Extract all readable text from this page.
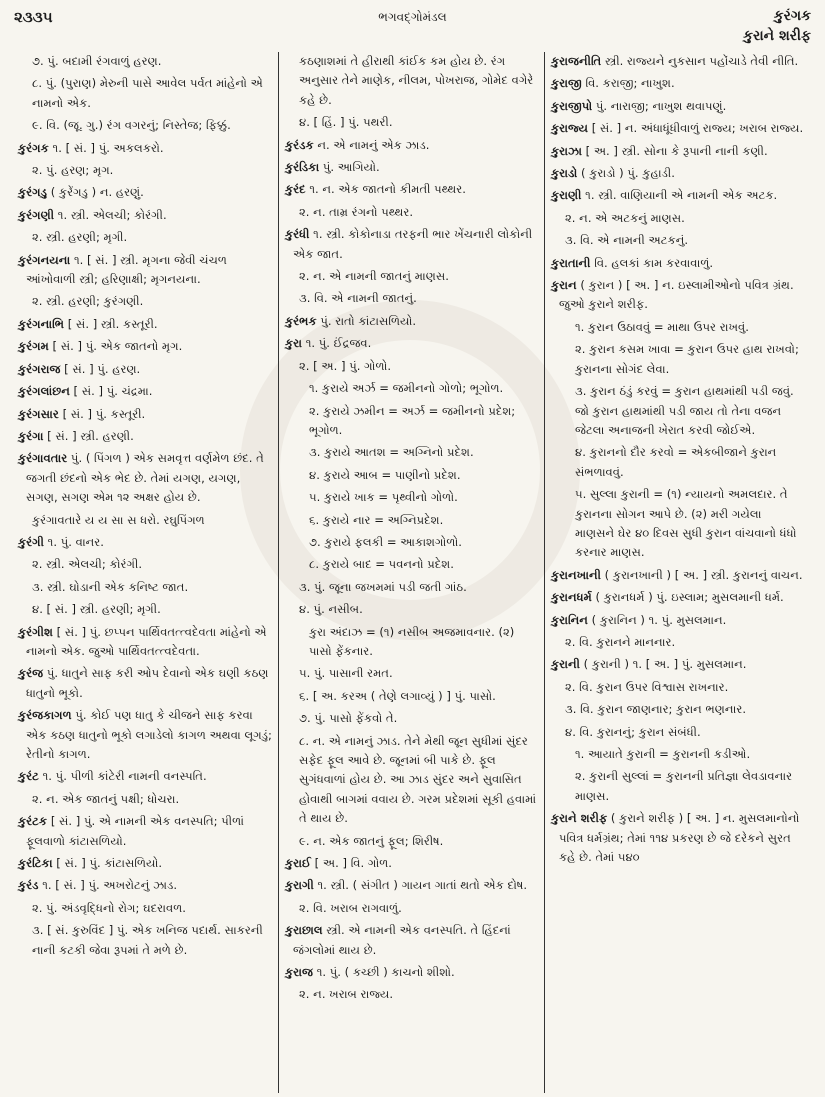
૨૩૩૫	ભગવદ્ગોમંડલ	કુરંગક
કુરાને શરીફ
૭. પું. બદામી રંગવાળું હરણ.
૮. પું. (પુરાણ) મેરુની પાસે આવેલ પર્વત માંહેનો એ નામનો એક.
૯. વિ. (જૂ. ગુ.) રંગ વગરનું; નિસ્તેજ; ફિક્કું.
કુરંગક ૧. [ સં. ] પું. અકલકરો.
૨. પું. હરણ; મૃગ.
કુરંગડુ ( કુરેંગડુ ) ન. હરણું.
કુરંગણી ૧. સ્ત્રી. એલચી; કોરંગી.
૨. સ્ત્રી. હરણી; મૃગી.
કુરંગનયના ૧. [ સં. ] સ્ત્રી. મૃગના જેવી ચંચળ આંખોવાળી સ્ત્રી; હરિણાક્ષી; મૃગનયના.
૨. સ્ત્રી. હરણી; કુરંગણી.
કુરંગનાભિ [ સં. ] સ્ત્રી. કસ્તૂરી.
કુરંગમ [ સં. ] પું. એક જાતનો મૃગ.
કુરંગરાજ [ સં. ] પું. હરણ.
કુરંગલાંછન [ સં. ] પું. ચંદ્રમા.
કુરંગસાર [ સં. ] પું. કસ્તૂરી.
કુરંગા [ સં. ] સ્ત્રી. હરણી.
કુરંગાવતાર પું. ( પિંગળ ) એક સમવૃત્ત વર્ણમેળ છંદ. તે જગતી છંદનો એક ભેદ છે. તેમાં યગણ, યગણ, સગણ, સગણ એમ ૧૨ અક્ષર હોય છે.
કુરંગાવતારે ય ય સા સ ધરો. રઘુપિંગળ
કુરંગી ૧. પું. વાનર.
૨. સ્ત્રી. એલચી; કોરંગી.
૩. સ્ત્રી. ઘોડાની એક કનિષ્ટ જાત.
૪. [ સં. ] સ્ત્રી. હરણી; મૃગી.
કુરંગીશ [ સં. ] પું. છપ્પન પાર્થિવતત્ત્વદેવતા માંહેનો એ નામનો એક. જુઓ પાર્થિવતત્ત્વદેવતા.
કુરંજ પું. ધાતુને સાફ કરી ઓપ દેવાનો એક ઘણી કઠણ ધાતુનો ભૂકો.
કુરંજકાગળ પું. કોઈ પણ ધાતુ કે ચીજને સાફ કરવા એક કઠણ ધાતુનો ભૂકો લગાડેલો કાગળ અથવા લૂગડું; રેતીનો કાગળ.
કુરંટ ૧. પું. પીળી કાંટેરી નામની વનસ્પતિ.
૨. ન. એક જાતનું પક્ષી; ધોચરા.
કુરંટક [ સં. ] પું. એ નામની એક વનસ્પતિ; પીળાં ફૂલવાળો કાંટાસળિયો.
કુરંટિકા [ સં. ] પું. કાંટાસળિયો.
કુરંડ ૧. [ સં. ] પું. અખરોટનું ઝાડ.
૨. પું. અંડવૃદ્ધિનો રોગ; ઘદરાવળ.
૩. [ સં. કુરુવિંદ ] પું. એક ખનિજ પદાર્થ. સાકરની નાની કટકી જેવા રૂપમાં તે મળે છે.
કઠણાશમાં તે હીરાથી કાંઈક કમ હોય છે. રંગ અનુસાર તેને માણેક, નીલમ, પોખરાજ, ગોમેદ વગેરે કહે છે.
૪. [ હિં. ] પું. પથરી.
કુરંડક ન. એ નામનું એક ઝાડ.
કુરંડિકા પું. આગિયો.
કુરંદ ૧. ન. એક જાતનો કીમતી પથ્થર.
૨. ન. તામ્ર રંગનો પથ્થર.
કુરંધી ૧. સ્ત્રી. કોકોનાડા તરફની ભાર ખેંચનારી લોકોની એક જાત.
૨. ન. એ નામની જાતનું માણસ.
૩. વિ. એ નામની જાતનું.
કુરંભક પું. રાતો કાંટાસળિયો.
કુરા ૧. પું. ઈંદ્રજવ.
૨. [ અ. ] પું. ગોળો.
૧. કુરાયે અર્ઝ = જમીનનો ગોળો; ભૂગોળ.
૨. કુરાયે ઝમીન = અર્ઝ = જમીનનો પ્રદેશ; ભૂગોળ.
૩. કુરાયે આતશ = અગ્નિનો પ્રદેશ.
૪. કુરાયે આબ = પાણીનો પ્રદેશ.
૫. કુરાયે ખાક = પૃથ્વીનો ગોળો.
૬. કુરાયે નાર = અગ્નિપ્રદેશ.
૭. કુરાયે ફલકી = આકાશગોળો.
૮. કુરાયે બાદ = પવનનો પ્રદેશ.
૩. પું. જૂના જખમમાં પડી જતી ગાંઠ.
૪. પું. નસીબ.
કુરા અંદાઝ = (૧) નસીબ અજમાવનાર. (૨) પાસો ફેંકનાર.
૫. પું. પાસાની રમત.
૬. [ અ. કરઅ ( તેણે લગાવ્યું ) ] પું. પાસો.
૭. પું. પાસો ફેંકવો તે.
૮. ન. એ નામનું ઝાડ. તેને મેથી જૂન સુધીમાં સુંદર સફેદ ફૂલ આવે છે. જૂનમાં બી પાકે છે. ફૂલ સુગંધવાળાં હોય છે. આ ઝાડ સુંદર અને સુવાસિત હોવાથી બાગમાં વવાય છે. ગરમ પ્રદેશમાં સૂકી હવામાં તે થાય છે.
૯. ન. એક જાતનું ફૂલ; શિરીષ.
કુરાઈ [ અ. ] વિ. ગોળ.
કુરાગી ૧. સ્ત્રી. ( સંગીત ) ગાયન ગાતાં થતો એક દોષ.
૨. વિ. ખરાબ રાગવાળું.
કુરાછાલ સ્ત્રી. એ નામની એક વનસ્પતિ. તે હિંદનાં જંગલોમાં થાય છે.
કુરાજ ૧. પું. ( કચ્છી ) કાચનો શીશો.
૨. ન. ખરાબ રાજ્ય.
કુરાજનીતિ સ્ત્રી. રાજ્યને નુકસાન પહોંચાડે તેવી નીતિ.
કુરાજી વિ. કરાજી; નાખુશ.
કુરાજીપો પું. નારાજી; નાખુશ થવાપણું.
કુરાજ્ય [ સં. ] ન. અંધાધૂંધીવાળું રાજ્ય; ખરાબ રાજ્ય.
કુરાઝા [ અ. ] સ્ત્રી. સોના કે રૂપાની નાની કણી.
કુરાડો ( કુરાડો ) પું. કુહાડી.
કુરાણી ૧. સ્ત્રી. વાણિયાની એ નામની એક અટક.
૨. ન. એ અટકનું માણસ.
૩. વિ. એ નામની અટકનું.
કુરાતાની વિ. હલકાં કામ કરવાવાળું.
કુરાન ( કુરાન ) [ અ. ] ન. ઇસ્લામીઓનો પવિત્ર ગ્રંથ. જુઓ કુરાને શરીફ.
૧. કુરાન ઉઠાવવું = માથા ઉપર રાખવું.
૨. કુરાન કસમ ખાવા = કુરાન ઉપર હાથ રાખવો; કુરાનના સોગંદ લેવા.
૩. કુરાન ઠંડું કરવું = કુરાન હાથમાંથી પડી જવું. જો કુરાન હાથમાંથી પડી જાય તો તેના વજન જેટલા અનાજની ખેરાત કરવી જોઈએ.
૪. કુરાનનો દૌર કરવો = એકબીજાને કુરાન સંભળાવવું.
૫. સુલ્લા કુરાની = (૧) ન્યાયનો અમલદાર. તે કુરાનના સોગન આપે છે. (૨) મરી ગયેલા માણસને ઘેર ૪૦ દિવસ સુધી કુરાન વાંચવાનો ધંધો કરનાર માણસ.
કુરાનખાની ( કુરાનખાની ) [ અ. ] સ્ત્રી. કુરાનનું વાચન.
કુરાનધર્મ ( કુરાનધર્મ ) પું. ઇસ્લામ; મુસલમાની ધર્મ.
કુરાનિન ( કુરાનિન ) ૧. પું. મુસલમાન.
૨. વિ. કુરાનને માનનાર.
કુરાની ( કુરાની ) ૧. [ અ. ] પું. મુસલમાન.
૨. વિ. કુરાન ઉપર વિશ્વાસ રાખનાર.
૩. વિ. કુરાન જાણનાર; કુરાન ભણનાર.
૪. વિ. કુરાનનું; કુરાન સંબંધી.
૧. આયાતે કુરાની = કુરાનની કડીઓ.
૨. કુરાની સુલ્લાં = કુરાનની પ્રતિજ્ઞા લેવડાવનાર માણસ.
કુરાને શરીફ ( કુરાને શરીફ ) [ અ. ] ન. મુસલમાનોનો પવિત્ર ધર્મગ્રંથ; તેમાં ૧૧૪ પ્રકરણ છે જે દરેકને સુરત કહે છે. તેમાં ૫૪૦
